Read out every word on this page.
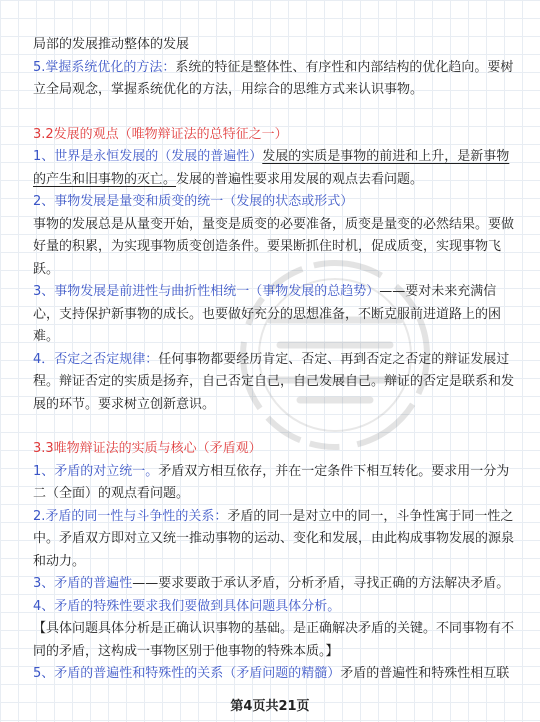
局部的发展推动整体的发展

5.掌握系统优化的方法：系统的特征是整体性、有序性和内部结构的优化趋向。要树立全局观念，掌握系统优化的方法，用综合的思维方式来认识事物。

3.2发展的观点（唯物辩证法的总特征之一）

1、世界是永恒发展的（发展的普遍性）发展的实质是事物的前进和上升，是新事物的产生和旧事物的灭亡。发展的普遍性要求用发展的观点去看问题。

2、事物发展是量变和质变的统一（发展的状态或形式）

事物的发展总是从量变开始，量变是质变的必要准备，质变是量变的必然结果。要做好量的积累，为实现事物质变创造条件。要果断抓住时机，促成质变，实现事物飞跃。

3、事物发展是前进性与曲折性相统一（事物发展的总趋势）——要对未来充满信心，支持保护新事物的成长。也要做好充分的思想准备，不断克服前进道路上的困难。

4．否定之否定规律：任何事物都要经历肯定、否定、再到否定之否定的辩证发展过程。辩证否定的实质是扬弃，自己否定自己，自己发展自己。辩证的否定是联系和发展的环节。要求树立创新意识。

3.3唯物辩证法的实质与核心（矛盾观）

1、矛盾的对立统一。矛盾双方相互依存，并在一定条件下相互转化。要求用一分为二（全面）的观点看问题。

2.矛盾的同一性与斗争性的关系：矛盾的同一是对立中的同一，斗争性寓于同一性之中。矛盾双方即对立又统一推动事物的运动、变化和发展，由此构成事物发展的源泉和动力。

3、矛盾的普遍性——要求要敢于承认矛盾，分析矛盾，寻找正确的方法解决矛盾。

4、矛盾的特殊性要求我们要做到具体问题具体分析。

【具体问题具体分析是正确认识事物的基础。是正确解决矛盾的关键。不同事物有不同的矛盾，这构成一事物区别于他事物的特殊本质。】

5、矛盾的普遍性和特殊性的关系（矛盾问题的精髓）矛盾的普遍性和特殊性相互联

第4页共21页
